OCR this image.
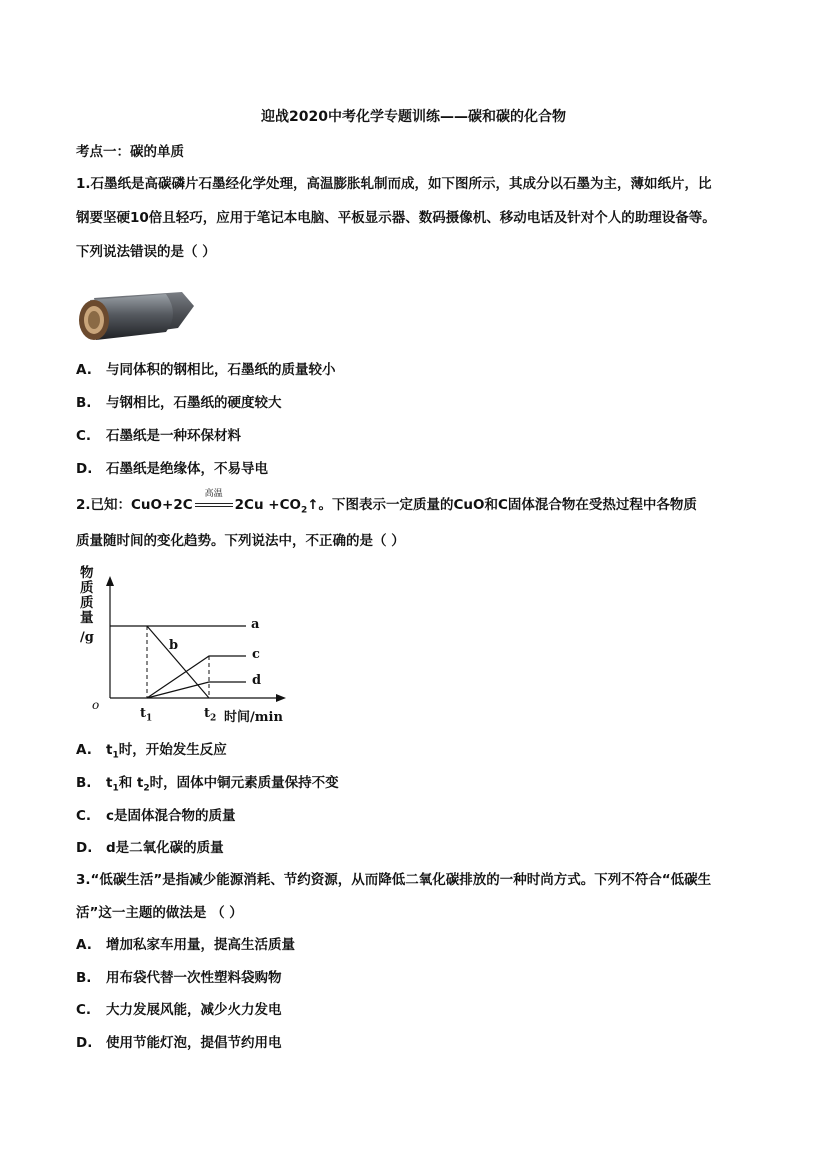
迎战2020中考化学专题训练——碳和碳的化合物
考点一：碳的单质
1.石墨纸是高碳磷片石墨经化学处理，高温膨胀轧制而成，如下图所示，其成分以石墨为主，薄如纸片，比
钢要坚硬10倍且轻巧，应用于笔记本电脑、平板显示器、数码摄像机、移动电话及针对个人的助理设备等。
下列说法错误的是（ ）
A. 与同体积的钢相比，石墨纸的质量较小
B. 与钢相比，石墨纸的硬度较大
C. 石墨纸是一种环保材料
D. 石墨纸是绝缘体，不易导电
2.已知：CuO+2C
高温
$2Cu +CO_2↑$。下图表示一定质量的CuO和C固体混合物在受热过程中各物质
质量随时间的变化趋势。下列说法中，不正确的是（ ）
物
质
质
量
/g
o
$t_1$	$t_2$ 时间/min
a
b
c
d
A. $t_1$时，开始发生反应
B. $t_1$和 $t_2$时，固体中铜元素质量保持不变
C. c是固体混合物的质量
D. d是二氧化碳的质量
3.“低碳生活”是指减少能源消耗、节约资源，从而降低二氧化碳排放的一种时尚方式。下列不符合“低碳生
活”这一主题的做法是 （ ）
A. 增加私家车用量，提高生活质量
B. 用布袋代替一次性塑料袋购物
C. 大力发展风能，减少火力发电
D. 使用节能灯泡，提倡节约用电
